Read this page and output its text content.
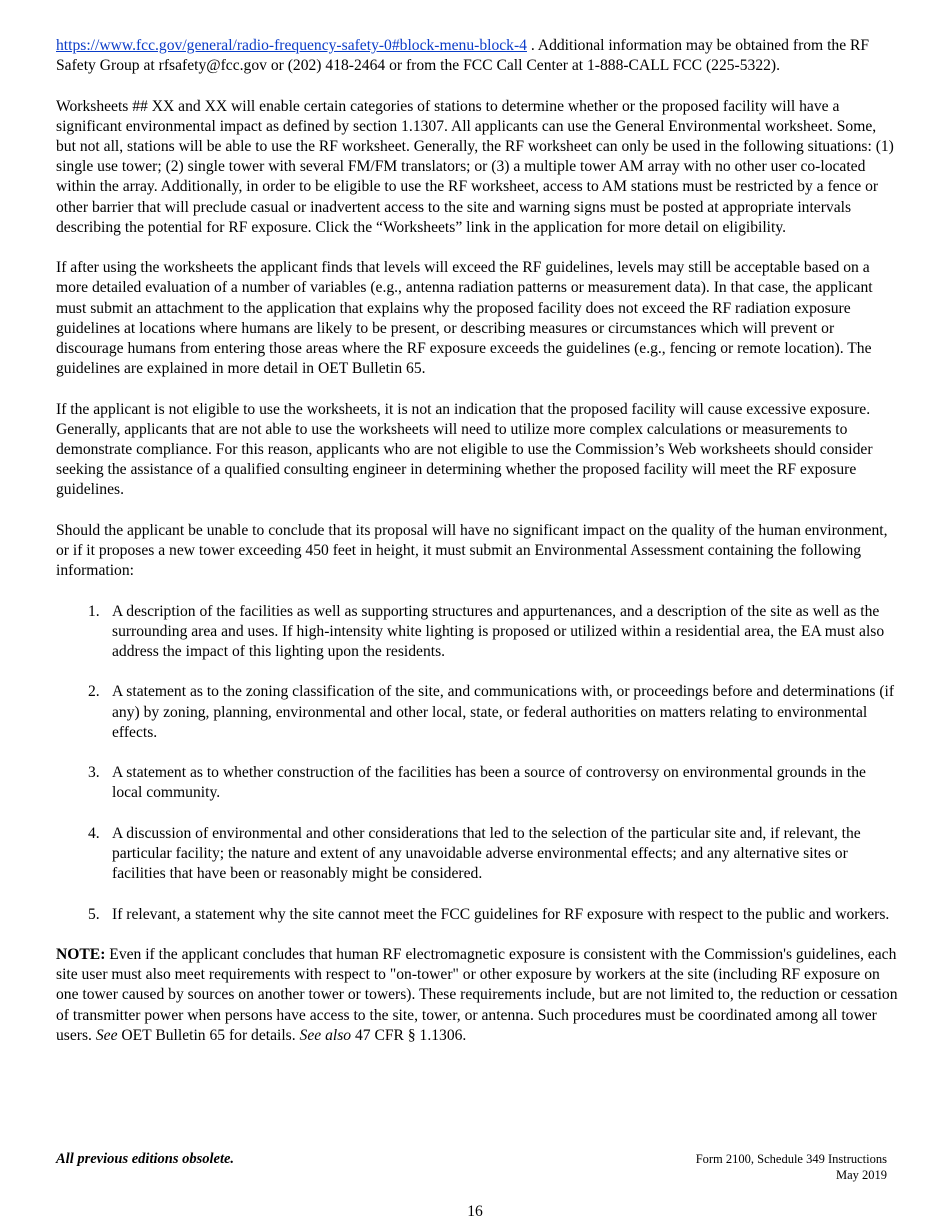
https://www.fcc.gov/general/radio-frequency-safety-0#block-menu-block-4 . Additional information may be obtained from the RF Safety Group at rfsafety@fcc.gov or (202) 418-2464 or from the FCC Call Center at 1-888-CALL FCC (225-5322).

Worksheets ## XX and XX will enable certain categories of stations to determine whether or the proposed facility will have a significant environmental impact as defined by section 1.1307. All applicants can use the General Environmental worksheet. Some, but not all, stations will be able to use the RF worksheet. Generally, the RF worksheet can only be used in the following situations: (1) single use tower; (2) single tower with several FM/FM translators; or (3) a multiple tower AM array with no other user co-located within the array. Additionally, in order to be eligible to use the RF worksheet, access to AM stations must be restricted by a fence or other barrier that will preclude casual or inadvertent access to the site and warning signs must be posted at appropriate intervals describing the potential for RF exposure. Click the “Worksheets” link in the application for more detail on eligibility.

If after using the worksheets the applicant finds that levels will exceed the RF guidelines, levels may still be acceptable based on a more detailed evaluation of a number of variables (e.g., antenna radiation patterns or measurement data). In that case, the applicant must submit an attachment to the application that explains why the proposed facility does not exceed the RF radiation exposure guidelines at locations where humans are likely to be present, or describing measures or circumstances which will prevent or discourage humans from entering those areas where the RF exposure exceeds the guidelines (e.g., fencing or remote location). The guidelines are explained in more detail in OET Bulletin 65.

If the applicant is not eligible to use the worksheets, it is not an indication that the proposed facility will cause excessive exposure. Generally, applicants that are not able to use the worksheets will need to utilize more complex calculations or measurements to demonstrate compliance. For this reason, applicants who are not eligible to use the Commission’s Web worksheets should consider seeking the assistance of a qualified consulting engineer in determining whether the proposed facility will meet the RF exposure guidelines.

Should the applicant be unable to conclude that its proposal will have no significant impact on the quality of the human environment, or if it proposes a new tower exceeding 450 feet in height, it must submit an Environmental Assessment containing the following information:

1. A description of the facilities as well as supporting structures and appurtenances, and a description of the site as well as the surrounding area and uses. If high-intensity white lighting is proposed or utilized within a residential area, the EA must also address the impact of this lighting upon the residents.
2. A statement as to the zoning classification of the site, and communications with, or proceedings before and determinations (if any) by zoning, planning, environmental and other local, state, or federal authorities on matters relating to environmental effects.
3. A statement as to whether construction of the facilities has been a source of controversy on environmental grounds in the local community.
4. A discussion of environmental and other considerations that led to the selection of the particular site and, if relevant, the particular facility; the nature and extent of any unavoidable adverse environmental effects; and any alternative sites or facilities that have been or reasonably might be considered.
5. If relevant, a statement why the site cannot meet the FCC guidelines for RF exposure with respect to the public and workers.

NOTE: Even if the applicant concludes that human RF electromagnetic exposure is consistent with the Commission's guidelines, each site user must also meet requirements with respect to "on-tower" or other exposure by workers at the site (including RF exposure on one tower caused by sources on another tower or towers). These requirements include, but are not limited to, the reduction or cessation of transmitter power when persons have access to the site, tower, or antenna. Such procedures must be coordinated among all tower users. See OET Bulletin 65 for details. See also 47 CFR § 1.1306.

All previous editions obsolete.	Form 2100, Schedule 349 Instructions
May 2019
16
